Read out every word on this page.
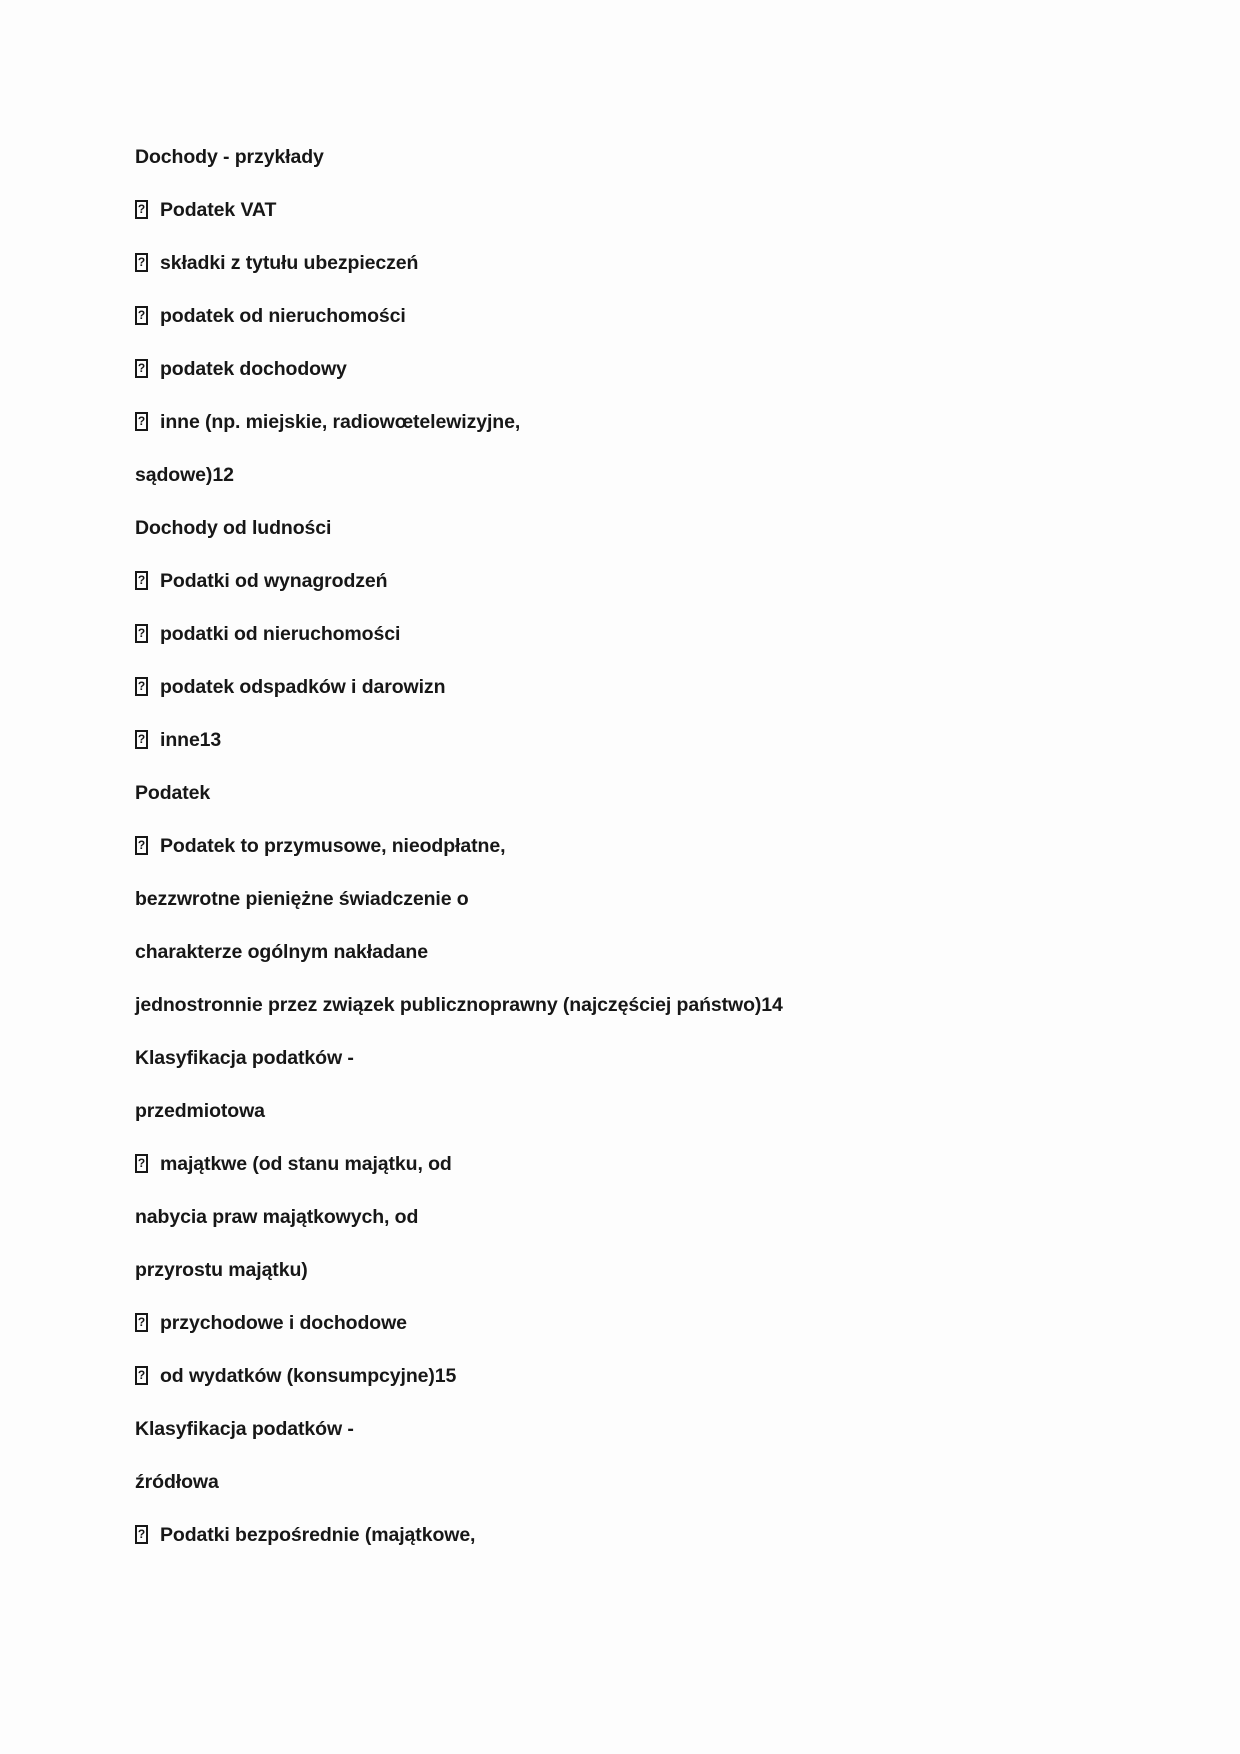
Dochody - przykłady
? Podatek VAT
? składki z tytułu ubezpieczeń
? podatek od nieruchomości
? podatek dochodowy
? inne (np. miejskie, radiowœtelewizyjne,
sądowe)12
Dochody od ludności
? Podatki od wynagrodzeń
? podatki od nieruchomości
? podatek odspadków i darowizn
? inne13
Podatek
? Podatek to przymusowe, nieodpłatne,
bezzwrotne pieniężne świadczenie o
charakterze ogólnym nakładane
jednostronnie przez związek publicznoprawny (najczęściej państwo)14
Klasyfikacja podatków -
przedmiotowa
? majątkᴡe (od stanu majątku, od
nabycia praw majątkowych, od
przyrostu majątku)
? przychodowe i dochodowe
? od wydatków (konsumpcyjne)15
Klasyfikacja podatków -
źródłowa
? Podatki bezpośrednie (majątkowe,
